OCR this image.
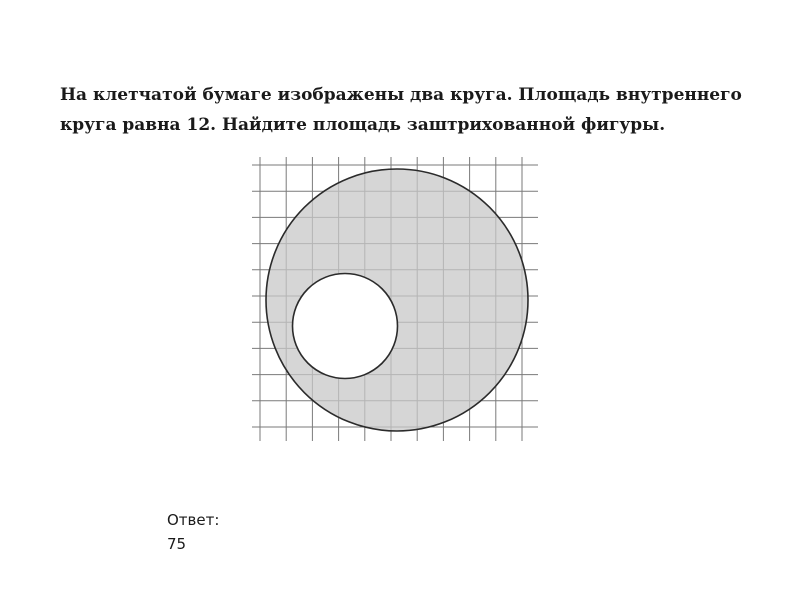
На клетчатой бумаге изображены два круга. Площадь внутреннего
круга равна 12. Найдите площадь заштрихованной фигуры.

Ответ:
75
